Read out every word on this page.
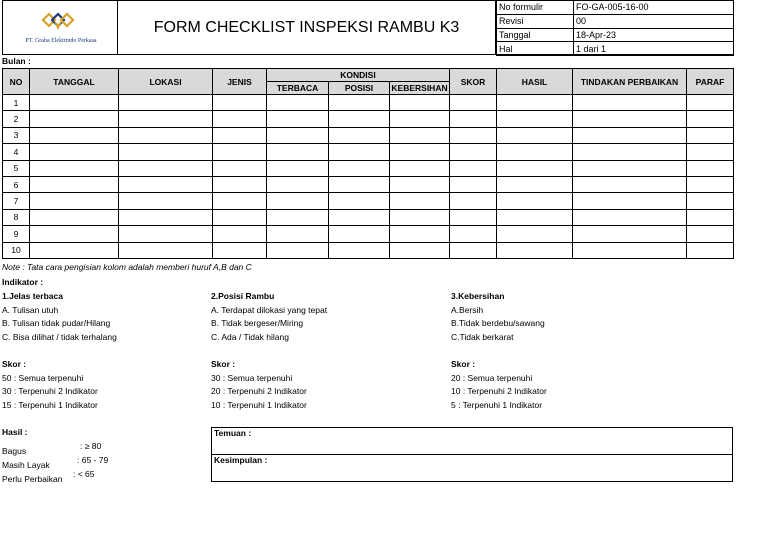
PT. Graha Elektrindo Perkasa
FORM CHECKLIST INSPEKSI RAMBU K3
No formulir	FO-GA-005-16-00
Revisi	00
Tanggal	18-Apr-23
Hal	1 dari 1
Bulan :
NO	TANGGAL	LOKASI	JENIS	KONDISI			SKOR	HASIL	TINDAKAN PERBAIKAN	PARAF
				TERBACA	POSISI	KEBERSIHAN				
1										
2										
3										
4										
5										
6										
7										
8										
9										
10										
Note : Tata cara pengisian kolom adalah memberi huruf A,B dan C
Indikator :
1.Jelas terbaca
A. Tulisan utuh
B. Tulisan tidak pudar/Hilang
C. Bisa dilihat / tidak terhalang
2.Posisi Rambu
A. Terdapat dilokasi yang tepat
B. Tidak bergeser/Miring
C. Ada / Tidak hilang
3.Kebersihan
A.Bersih
B.Tidak berdebu/sawang
C.Tidak berkarat
Skor :
50 : Semua terpenuhi
30 : Terpenuhi 2 Indikator
15 : Terpenuhi 1 Indikator
Skor :
30 : Semua terpenuhi
20 : Terpenuhi 2 Indikator
10 : Terpenuhi 1 Indikator
Skor :
20 : Semua terpenuhi
10 : Terpenuhi 2 Indikator
5 : Terpenuhi 1 Indikator
Hasil :
Bagus	: ≥ 80
Masih Layak	: 65 - 79
Perlu Perbaikan : < 65
Temuan :
Kesimpulan :
